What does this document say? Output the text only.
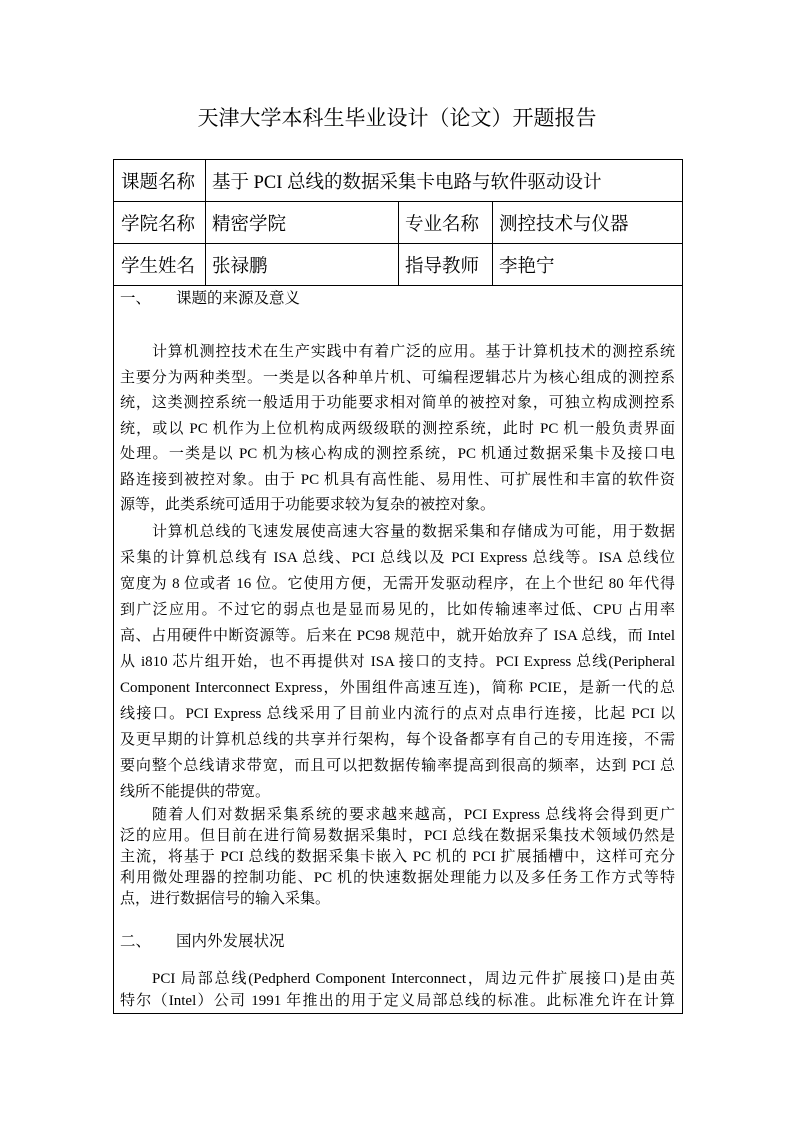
天津大学本科生毕业设计（论文）开题报告
课题名称 基于 PCI 总线的数据采集卡电路与软件驱动设计
学院名称 精密学院	专业名称	测控技术与仪器
学生姓名 张禄鹏	指导教师	李艳宁
一、 课题的来源及意义
计算机测控技术在生产实践中有着广泛的应用。基于计算机技术的测控系统
主要分为两种类型。一类是以各种单片机、可编程逻辑芯片为核心组成的测控系
统，这类测控系统一般适用于功能要求相对简单的被控对象，可独立构成测控系
统，或以 PC 机作为上位机构成两级级联的测控系统，此时 PC 机一般负责界面
处理。一类是以 PC 机为核心构成的测控系统，PC 机通过数据采集卡及接口电
路连接到被控对象。由于 PC 机具有高性能、易用性、可扩展性和丰富的软件资
源等，此类系统可适用于功能要求较为复杂的被控对象。
计算机总线的飞速发展使高速大容量的数据采集和存储成为可能，用于数据
采集的计算机总线有 ISA 总线、PCI 总线以及 PCI Express 总线等。ISA 总线位
宽度为 8 位或者 16 位。它使用方便，无需开发驱动程序，在上个世纪 80 年代得
到广泛应用。不过它的弱点也是显而易见的，比如传输速率过低、CPU 占用率
高、占用硬件中断资源等。后来在 PC98 规范中，就开始放弃了 ISA 总线，而 Intel
从 i810 芯片组开始，也不再提供对 ISA 接口的支持。PCI Express 总线(Peripheral
Component Interconnect Express，外围组件高速互连)，简称 PCIE，是新一代的总
线接口。PCI Express 总线采用了目前业内流行的点对点串行连接，比起 PCI 以
及更早期的计算机总线的共享并行架构，每个设备都享有自己的专用连接，不需
要向整个总线请求带宽，而且可以把数据传输率提高到很高的频率，达到 PCI 总
线所不能提供的带宽。
随着人们对数据采集系统的要求越来越高，PCI Express 总线将会得到更广
泛的应用。但目前在进行简易数据采集时，PCI 总线在数据采集技术领域仍然是
主流，将基于 PCI 总线的数据采集卡嵌入 PC 机的 PCI 扩展插槽中，这样可充分
利用微处理器的控制功能、PC 机的快速数据处理能力以及多任务工作方式等特
点，进行数据信号的输入采集。
二、 国内外发展状况
PCI 局部总线(Pedpherd Component Interconnect，周边元件扩展接口)是由英
特尔（Intel）公司 1991 年推出的用于定义局部总线的标准。此标准允许在计算
